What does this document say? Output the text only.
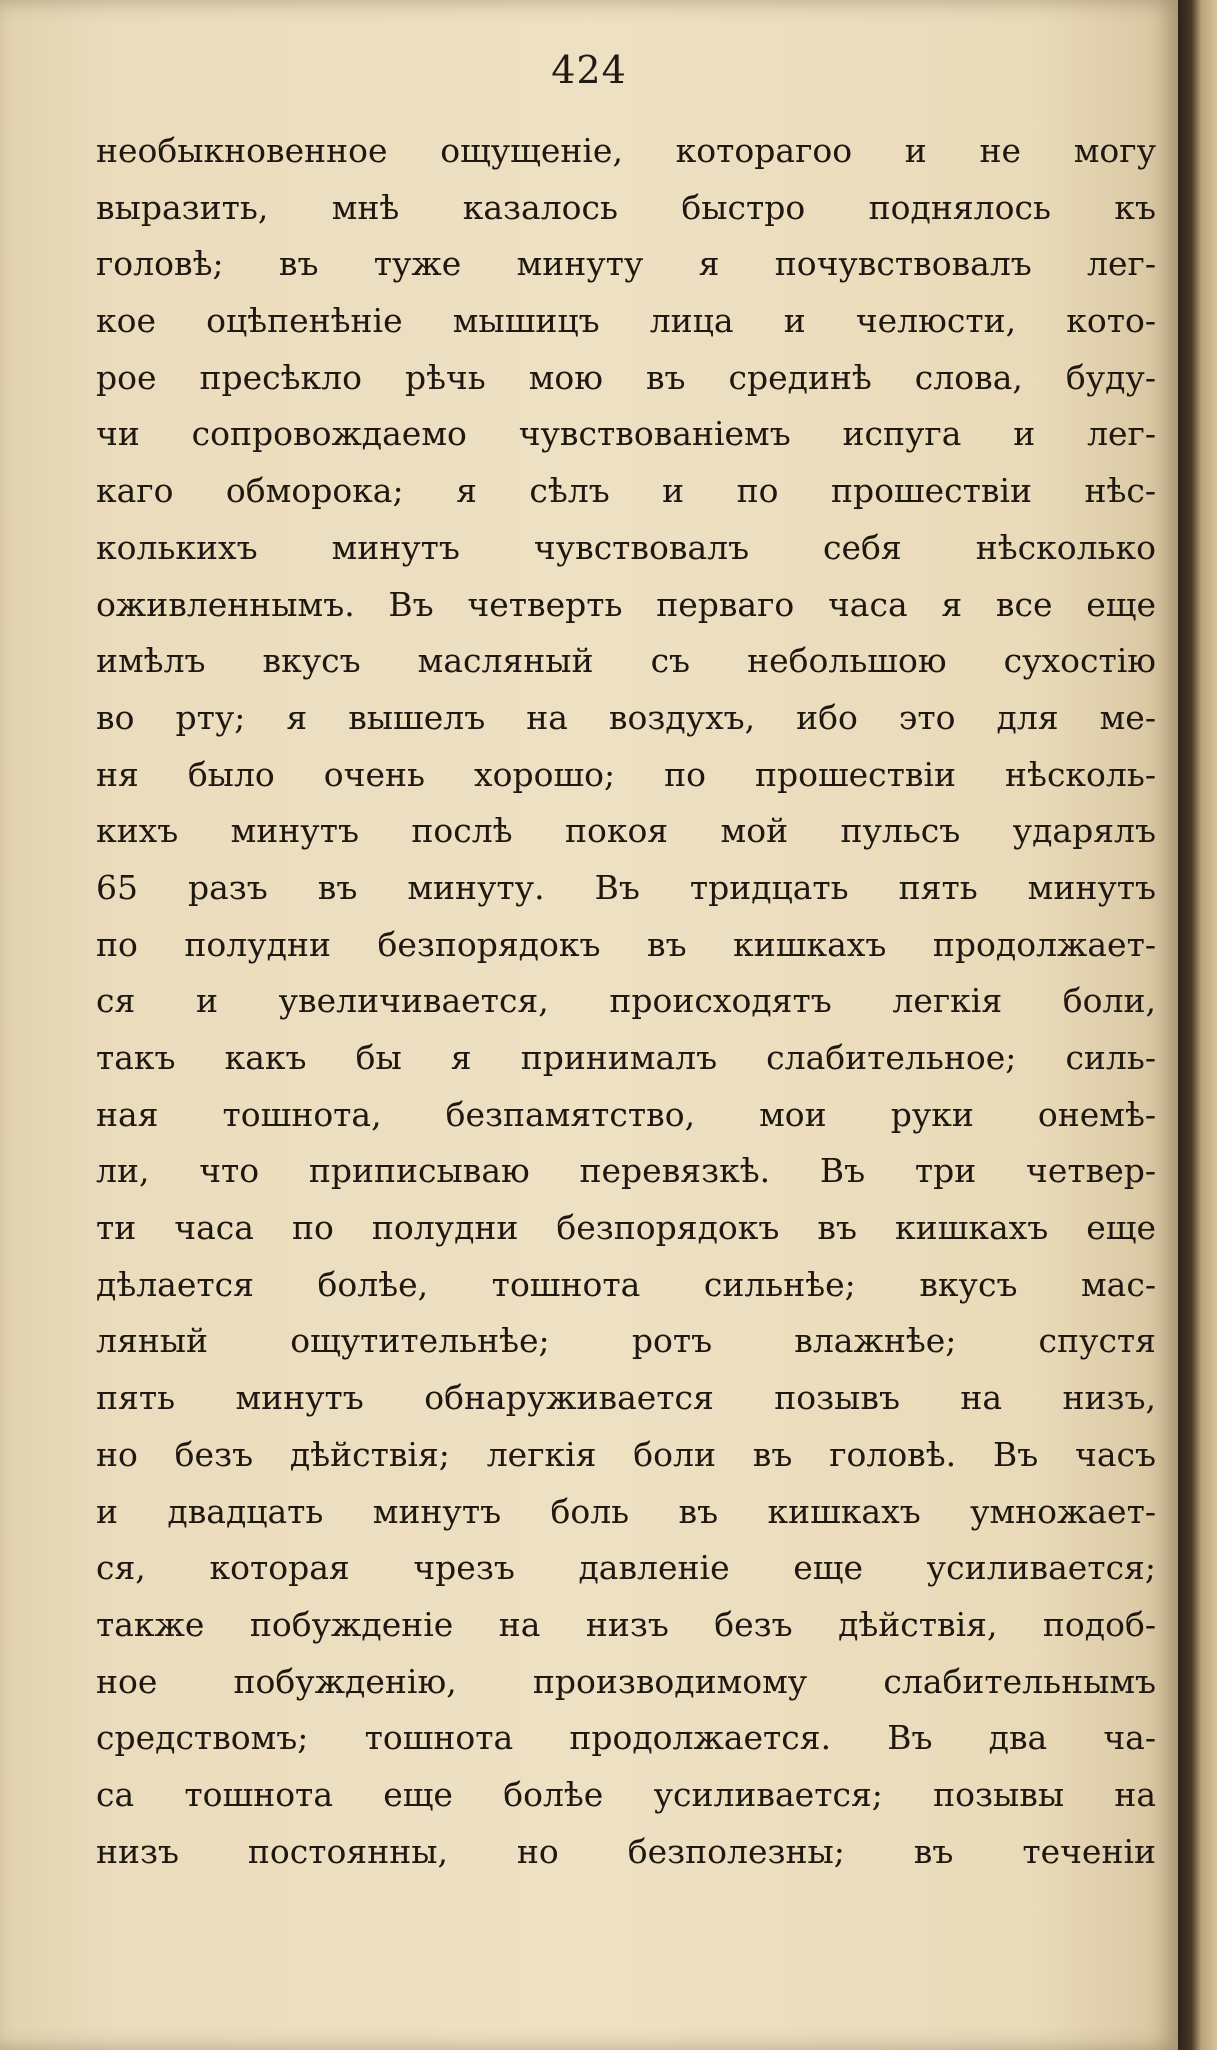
424
необыкновенное ощущеніе, которагоо и не могу
выразить, мнѣ казалось быстро поднялось къ
головѣ; въ туже минуту я почувствовалъ лег-
кое оцѣпенѣніе мышицъ лица и челюсти, кото-
рое пресѣкло рѣчь мою въ срединѣ слова, буду-
чи сопровождаемо чувствованіемъ испуга и лег-
каго обморока; я сѣлъ и по прошествіи нѣс-
колькихъ минутъ чувствовалъ себя нѣсколько
оживленнымъ. Въ четверть перваго часа я все еще
имѣлъ вкусъ масляный съ небольшою сухостію
во рту; я вышелъ на воздухъ, ибо это для ме-
ня было очень хорошо; по прошествіи нѣсколь-
кихъ минутъ послѣ покоя мой пульсъ ударялъ
65 разъ въ минуту. Въ тридцать пять минутъ
по полудни безпорядокъ въ кишкахъ продолжает-
ся и увеличивается, происходятъ легкія боли,
такъ какъ бы я принималъ слабительное; силь-
ная тошнота, безпамятство, мои руки онемѣ-
ли, что приписываю перевязкѣ. Въ три четвер-
ти часа по полудни безпорядокъ въ кишкахъ еще
дѣлается болѣе, тошнота сильнѣе; вкусъ мас-
ляный ощутительнѣе; ротъ влажнѣе; спустя
пять минутъ обнаруживается позывъ на низъ,
но безъ дѣйствія; легкія боли въ головѣ. Въ часъ
и двадцать минутъ боль въ кишкахъ умножает-
ся, которая чрезъ давленіе еще усиливается;
также побужденіе на низъ безъ дѣйствія, подоб-
ное побужденію, производимому слабительнымъ
средствомъ; тошнота продолжается. Въ два ча-
са тошнота еще болѣе усиливается; позывы на
низъ постоянны, но безполезны; въ теченіи
